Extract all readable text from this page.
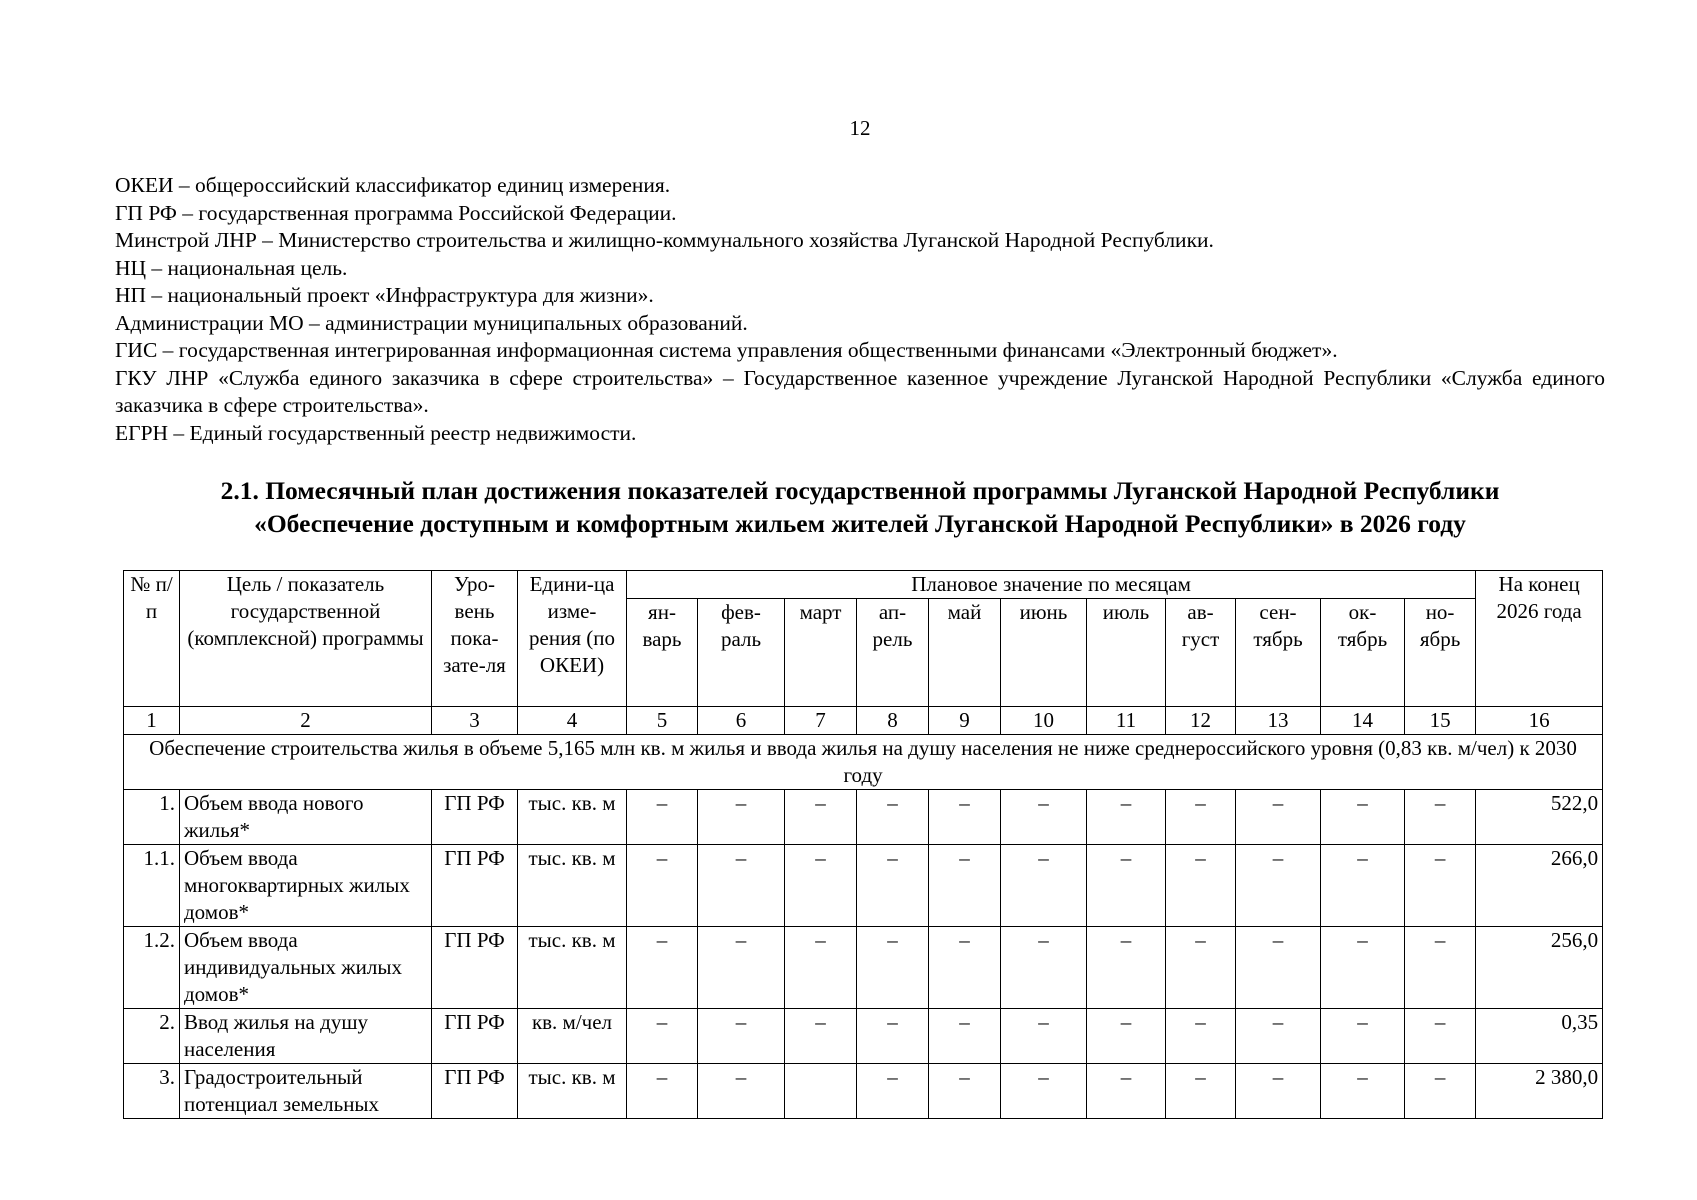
12
ОКЕИ – общероссийский классификатор единиц измерения.
ГП РФ – государственная программа Российской Федерации.
Минстрой ЛНР – Министерство строительства и жилищно-коммунального хозяйства Луганской Народной Республики.
НЦ – национальная цель.
НП – национальный проект «Инфраструктура для жизни».
Администрации МО – администрации муниципальных образований.
ГИС – государственная интегрированная информационная система управления общественными финансами «Электронный бюджет».
ГКУ ЛНР «Служба единого заказчика в сфере строительства» – Государственное казенное учреждение Луганской Народной Республики «Служба единого заказчика в сфере строительства».
ЕГРН – Единый государственный реестр недвижимости.
2.1. Помесячный план достижения показателей государственной программы Луганской Народной Республики
«Обеспечение доступным и комфортным жильем жителей Луганской Народной Республики» в 2026 году
№ п/п	Цель / показатель государственной (комплексной) программы	Уро-вень пока-зате-ля	Едини-ца изме-рения (по ОКЕИ)	Плановое значение по месяцам											На конец 2026 года
				ян-варь	фев-раль	март	ап-рель	май	июнь	июль	ав-густ	сен-тябрь	ок-тябрь	но-ябрь	
1	2	3	4	5	6	7	8	9	10	11	12	13	14	15	16
Обеспечение строительства жилья в объеме 5,165 млн кв. м жилья и ввода жилья на душу населения не ниже среднероссийского уровня (0,83 кв. м/чел) к 2030 году															
1.	Объем ввода нового жилья*	ГП РФ	тыс. кв. м	–	–	–	–	–	–	–	–	–	–	–	522,0
1.1.	Объем ввода многоквартирных жилых домов*	ГП РФ	тыс. кв. м	–	–	–	–	–	–	–	–	–	–	–	266,0
1.2.	Объем ввода индивидуальных жилых домов*	ГП РФ	тыс. кв. м	–	–	–	–	–	–	–	–	–	–	–	256,0
2.	Ввод жилья на душу населения	ГП РФ	кв. м/чел	–	–	–	–	–	–	–	–	–	–	–	0,35
3.	Градостроительный потенциал земельных	ГП РФ	тыс. кв. м	–	–		–	–	–	–	–	–	–	–	2 380,0
